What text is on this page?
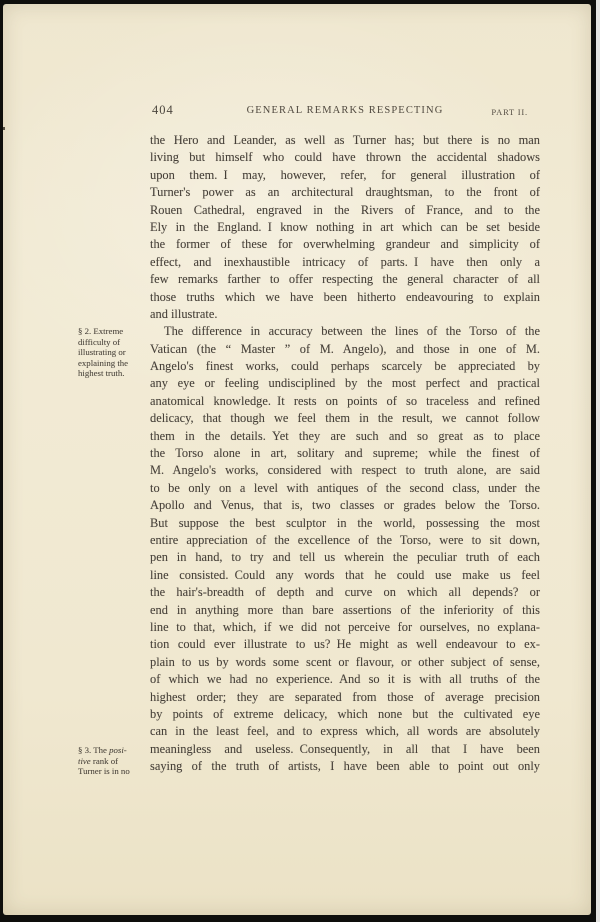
404	GENERAL REMARKS RESPECTING	PART II.
the Hero and Leander, as well as Turner has; but there is no man
living but himself who could have thrown the accidental shadows
upon them. I may, however, refer, for general illustration of
Turner's power as an architectural draughtsman, to the front of
Rouen Cathedral, engraved in the Rivers of France, and to the
Ely in the England. I know nothing in art which can be set beside
the former of these for overwhelming grandeur and simplicity of
effect, and inexhaustible intricacy of parts. I have then only a
few remarks farther to offer respecting the general character of all
those truths which we have been hitherto endeavouring to explain
and illustrate.
The difference in accuracy between the lines of the Torso of the
Vatican (the “ Master ” of M. Angelo), and those in one of M.
Angelo's finest works, could perhaps scarcely be appreciated by
any eye or feeling undisciplined by the most perfect and practical
anatomical knowledge. It rests on points of so traceless and refined
delicacy, that though we feel them in the result, we cannot follow
them in the details. Yet they are such and so great as to place
the Torso alone in art, solitary and supreme; while the finest of
M. Angelo's works, considered with respect to truth alone, are said
to be only on a level with antiques of the second class, under the
Apollo and Venus, that is, two classes or grades below the Torso.
But suppose the best sculptor in the world, possessing the most
entire appreciation of the excellence of the Torso, were to sit down,
pen in hand, to try and tell us wherein the peculiar truth of each
line consisted. Could any words that he could use make us feel
the hair's-breadth of depth and curve on which all depends? or
end in anything more than bare assertions of the inferiority of this
line to that, which, if we did not perceive for ourselves, no explana-
tion could ever illustrate to us? He might as well endeavour to ex-
plain to us by words some scent or flavour, or other subject of sense,
of which we had no experience. And so it is with all truths of the
highest order; they are separated from those of average precision
by points of extreme delicacy, which none but the cultivated eye
can in the least feel, and to express which, all words are absolutely
meaningless and useless. Consequently, in all that I have been
saying of the truth of artists, I have been able to point out only
§ 2. Extreme
difficulty of
illustrating or
explaining the
highest truth.
§ 3. The posi-
tive rank of
Turner is in no
